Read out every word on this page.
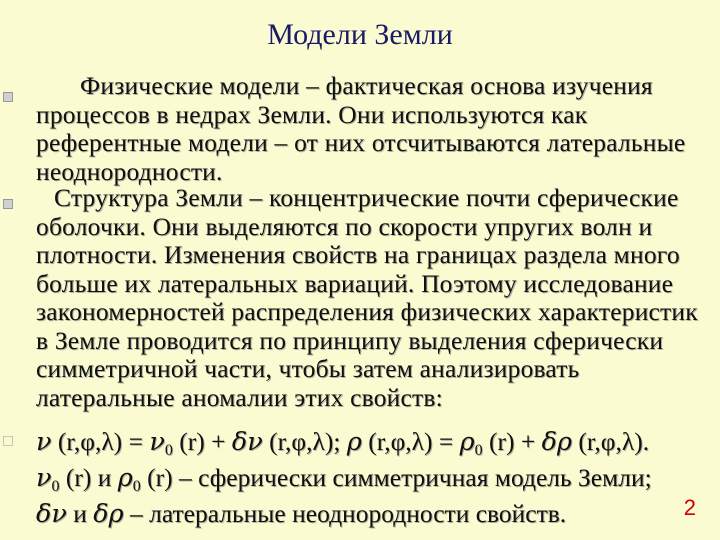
Модели Земли
Физические модели – фактическая основа изучения процессов в недрах Земли. Они используются как референтные модели – от них отсчитываются латеральные неоднородности.
Структура Земли – концентрические почти сферические оболочки. Они выделяются по скорости упругих волн и плотности. Изменения свойств на границах раздела много больше их латеральных вариаций. Поэтому исследование закономерностей распределения физических характеристик в Земле проводится по принципу выделения сферически симметричной части, чтобы затем анализировать латеральные аномалии этих свойств:
ν $(r,\varphi,\lambda) = \nu_0$ (r) + δν (r,φ,λ); ρ $(r,\varphi,\lambda) = \rho_0$ (r) + δρ (r,φ,λ).
$\nu_0$ (r) и $\rho_0$ (r) – сферически симметричная модель Земли;
δν и δρ – латеральные неоднородности свойств.	2
